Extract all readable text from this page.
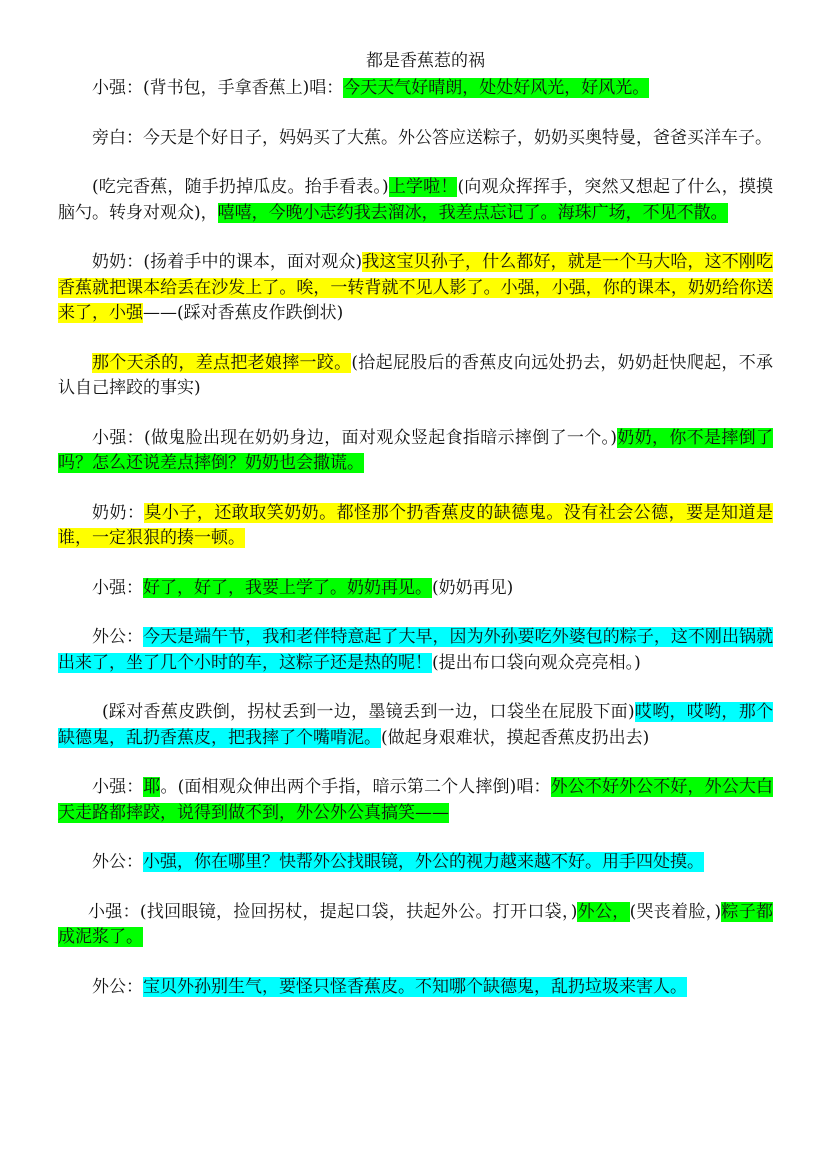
都是香蕉惹的祸

小强：(背书包，手拿香蕉上)唱：今天天气好晴朗，处处好风光，好风光。

旁白：今天是个好日子，妈妈买了大蕉。外公答应送粽子，奶奶买奥特曼，爸爸买洋车子。

(吃完香蕉，随手扔掉瓜皮。抬手看表。)上学啦！(向观众挥挥手，突然又想起了什么，摸摸脑勺。转身对观众)，嘻嘻，今晚小志约我去溜冰，我差点忘记了。海珠广场，不见不散。

奶奶：(扬着手中的课本，面对观众)我这宝贝孙子，什么都好，就是一个马大哈，这不刚吃香蕉就把课本给丢在沙发上了。唉，一转背就不见人影了。小强，小强，你的课本，奶奶给你送来了，小强——(踩对香蕉皮作跌倒状)

那个天杀的，差点把老娘摔一跤。(拾起屁股后的香蕉皮向远处扔去，奶奶赶快爬起，不承认自己摔跤的事实)

小强：(做鬼脸出现在奶奶身边，面对观众竖起食指暗示摔倒了一个。)奶奶，你不是摔倒了吗？怎么还说差点摔倒？奶奶也会撒谎。

奶奶：臭小子，还敢取笑奶奶。都怪那个扔香蕉皮的缺德鬼。没有社会公德，要是知道是谁，一定狠狠的揍一顿。

小强：好了，好了，我要上学了。奶奶再见。(奶奶再见)

外公：今天是端午节，我和老伴特意起了大早，因为外孙要吃外婆包的粽子，这不刚出锅就出来了，坐了几个小时的车，这粽子还是热的呢！(提出布口袋向观众亮亮相。)

(踩对香蕉皮跌倒，拐杖丢到一边，墨镜丢到一边，口袋坐在屁股下面)哎哟，哎哟，那个缺德鬼，乱扔香蕉皮，把我摔了个嘴啃泥。(做起身艰难状，摸起香蕉皮扔出去)

小强：耶。(面相观众伸出两个手指，暗示第二个人摔倒)唱：外公不好外公不好，外公大白天走路都摔跤，说得到做不到，外公外公真搞笑——

外公：小强，你在哪里？快帮外公找眼镜，外公的视力越来越不好。用手四处摸。

小强：(找回眼镜，捡回拐杖，提起口袋，扶起外公。打开口袋，)外公，(哭丧着脸，)粽子都成泥浆了。

外公：宝贝外孙别生气，要怪只怪香蕉皮。不知哪个缺德鬼，乱扔垃圾来害人。
